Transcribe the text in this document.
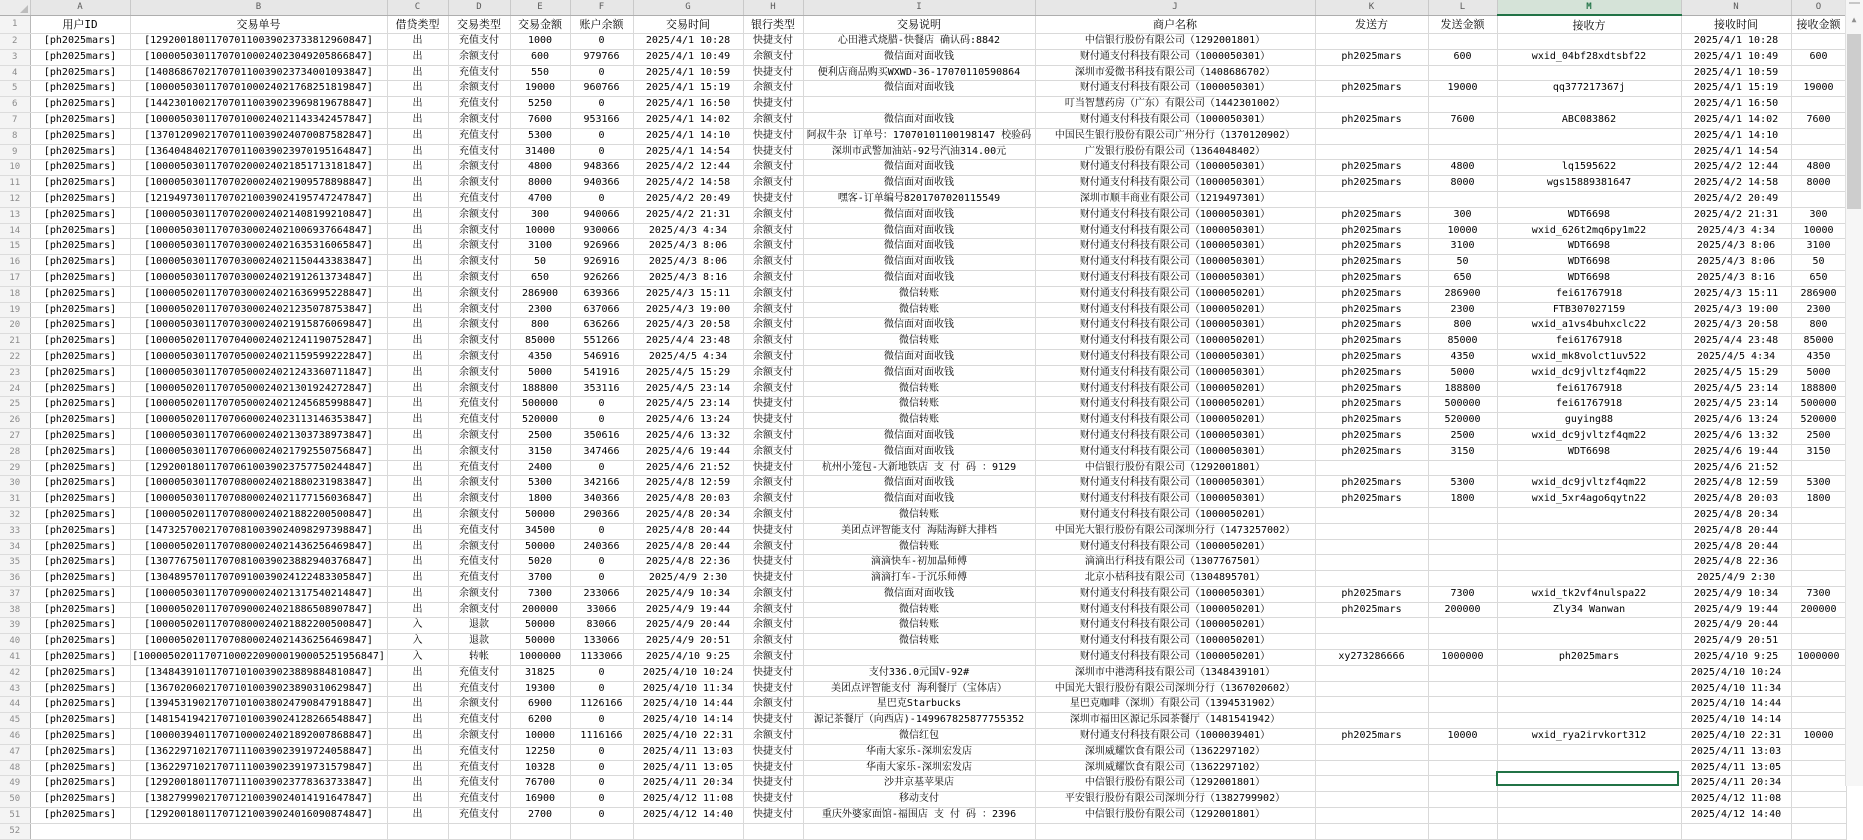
	A	B	C	D	E	F	G	H	I	J	K	L	M	N	O
1	用户ID	交易单号	借贷类型	交易类型	交易金额	账户余额	交易时间	银行类型	交易说明	商户名称	发送方	发送金额	接收方	接收时间	接收金额
2	[ph2025mars]	[129200180117070110039023733812960847]	出	充值支付	1000	0	2025/4/1 10:28	快捷支付	心田港式烧腊-快餐店 确认码:8842	中信银行股份有限公司（1292001801）				2025/4/1 10:28	
3	[ph2025mars]	[100005030117070100024023049205866847]	出	余额支付	600	979766	2025/4/1 10:49	余额支付	微信面对面收钱	财付通支付科技有限公司（1000050301）	ph2025mars	600	wxid_04bf28xdtsbf22	2025/4/1 10:49	600
4	[ph2025mars]	[140868670217070110039023734001093847]	出	充值支付	550	0	2025/4/1 10:59	快捷支付	便利店商品购买WXWD-36-17070110590864	深圳市爱微书科技有限公司（1408686702）				2025/4/1 10:59	
5	[ph2025mars]	[100005030117070100024021768251819847]	出	余额支付	19000	960766	2025/4/1 15:19	余额支付	微信面对面收钱	财付通支付科技有限公司（1000050301）	ph2025mars	19000	qq377217367j	2025/4/1 15:19	19000
6	[ph2025mars]	[144230100217070110039023969819678847]	出	充值支付	5250	0	2025/4/1 16:50	快捷支付		叮当智慧药房（广东）有限公司（1442301002）				2025/4/1 16:50	
7	[ph2025mars]	[100005030117070100024021143342457847]	出	余额支付	7600	953166	2025/4/1 14:02	余额支付	微信面对面收钱	财付通支付科技有限公司（1000050301）	ph2025mars	7600	ABC083862	2025/4/1 14:02	7600
8	[ph2025mars]	[137012090217070110039024070087582847]	出	充值支付	5300	0	2025/4/1 14:10	快捷支付	阿叔牛杂 订单号：17070101100198147 校验码	中国民生银行股份有限公司广州分行（1370120902）				2025/4/1 14:10	
9	[ph2025mars]	[136404840217070110039023970195164847]	出	充值支付	31400	0	2025/4/1 14:54	快捷支付	深圳市武警加油站-92号汽油314.00元	广发银行股份有限公司（1364048402）				2025/4/1 14:54	
10	[ph2025mars]	[100005030117070200024021851713181847]	出	余额支付	4800	948366	2025/4/2 12:44	余额支付	微信面对面收钱	财付通支付科技有限公司（1000050301）	ph2025mars	4800	lq1595622	2025/4/2 12:44	4800
11	[ph2025mars]	[100005030117070200024021909578898847]	出	余额支付	8000	940366	2025/4/2 14:58	余额支付	微信面对面收钱	财付通支付科技有限公司（1000050301）	ph2025mars	8000	wgs15889381647	2025/4/2 14:58	8000
12	[ph2025mars]	[121949730117070210039024195747247847]	出	充值支付	4700	0	2025/4/2 20:49	快捷支付	嘿客-订单编号8201707020115549	深圳市顺丰商业有限公司（1219497301）				2025/4/2 20:49	
13	[ph2025mars]	[100005030117070200024021408199210847]	出	余额支付	300	940066	2025/4/2 21:31	余额支付	微信面对面收钱	财付通支付科技有限公司（1000050301）	ph2025mars	300	WDT6698	2025/4/2 21:31	300
14	[ph2025mars]	[100005030117070300024021006937664847]	出	余额支付	10000	930066	2025/4/3 4:34	余额支付	微信面对面收钱	财付通支付科技有限公司（1000050301）	ph2025mars	10000	wxid_626t2mq6py1m22	2025/4/3 4:34	10000
15	[ph2025mars]	[100005030117070300024021635316065847]	出	余额支付	3100	926966	2025/4/3 8:06	余额支付	微信面对面收钱	财付通支付科技有限公司（1000050301）	ph2025mars	3100	WDT6698	2025/4/3 8:06	3100
16	[ph2025mars]	[100005030117070300024021150443383847]	出	余额支付	50	926916	2025/4/3 8:06	余额支付	微信面对面收钱	财付通支付科技有限公司（1000050301）	ph2025mars	50	WDT6698	2025/4/3 8:06	50
17	[ph2025mars]	[100005030117070300024021912613734847]	出	余额支付	650	926266	2025/4/3 8:16	余额支付	微信面对面收钱	财付通支付科技有限公司（1000050301）	ph2025mars	650	WDT6698	2025/4/3 8:16	650
18	[ph2025mars]	[100005020117070300024021636995228847]	出	余额支付	286900	639366	2025/4/3 15:11	余额支付	微信转账	财付通支付科技有限公司（1000050201）	ph2025mars	286900	fei61767918	2025/4/3 15:11	286900
19	[ph2025mars]	[100005020117070300024021235078753847]	出	余额支付	2300	637066	2025/4/3 19:00	余额支付	微信转账	财付通支付科技有限公司（1000050201）	ph2025mars	2300	FTB307027159	2025/4/3 19:00	2300
20	[ph2025mars]	[100005030117070300024021915876069847]	出	余额支付	800	636266	2025/4/3 20:58	余额支付	微信面对面收钱	财付通支付科技有限公司（1000050301）	ph2025mars	800	wxid_a1vs4buhxclc22	2025/4/3 20:58	800
21	[ph2025mars]	[100005020117070400024021241190752847]	出	余额支付	85000	551266	2025/4/4 23:48	余额支付	微信转账	财付通支付科技有限公司（1000050201）	ph2025mars	85000	fei61767918	2025/4/4 23:48	85000
22	[ph2025mars]	[100005030117070500024021159599222847]	出	余额支付	4350	546916	2025/4/5 4:34	余额支付	微信面对面收钱	财付通支付科技有限公司（1000050301）	ph2025mars	4350	wxid_mk8volct1uv522	2025/4/5 4:34	4350
23	[ph2025mars]	[100005030117070500024021243360711847]	出	余额支付	5000	541916	2025/4/5 15:29	余额支付	微信面对面收钱	财付通支付科技有限公司（1000050301）	ph2025mars	5000	wxid_dc9jvltzf4qm22	2025/4/5 15:29	5000
24	[ph2025mars]	[100005020117070500024021301924272847]	出	余额支付	188800	353116	2025/4/5 23:14	余额支付	微信转账	财付通支付科技有限公司（1000050201）	ph2025mars	188800	fei61767918	2025/4/5 23:14	188800
25	[ph2025mars]	[100005020117070500024021245685998847]	出	充值支付	500000	0	2025/4/5 23:14	快捷支付	微信转账	财付通支付科技有限公司（1000050201）	ph2025mars	500000	fei61767918	2025/4/5 23:14	500000
26	[ph2025mars]	[100005020117070600024023113146353847]	出	充值支付	520000	0	2025/4/6 13:24	快捷支付	微信转账	财付通支付科技有限公司（1000050201）	ph2025mars	520000	guying88	2025/4/6 13:24	520000
27	[ph2025mars]	[100005030117070600024021303738973847]	出	余额支付	2500	350616	2025/4/6 13:32	余额支付	微信面对面收钱	财付通支付科技有限公司（1000050301）	ph2025mars	2500	wxid_dc9jvltzf4qm22	2025/4/6 13:32	2500
28	[ph2025mars]	[100005030117070600024021792550756847]	出	余额支付	3150	347466	2025/4/6 19:44	余额支付	微信面对面收钱	财付通支付科技有限公司（1000050301）	ph2025mars	3150	WDT6698	2025/4/6 19:44	3150
29	[ph2025mars]	[129200180117070610039023757750244847]	出	充值支付	2400	0	2025/4/6 21:52	快捷支付	杭州小笼包-大新地铁店 支 付 码 ：9129	中信银行股份有限公司（1292001801）				2025/4/6 21:52	
30	[ph2025mars]	[100005030117070800024021880231983847]	出	余额支付	5300	342166	2025/4/8 12:59	余额支付	微信面对面收钱	财付通支付科技有限公司（1000050301）	ph2025mars	5300	wxid_dc9jvltzf4qm22	2025/4/8 12:59	5300
31	[ph2025mars]	[100005030117070800024021177156036847]	出	余额支付	1800	340366	2025/4/8 20:03	余额支付	微信面对面收钱	财付通支付科技有限公司（1000050301）	ph2025mars	1800	wxid_5xr4ago6qytn22	2025/4/8 20:03	1800
32	[ph2025mars]	[100005020117070800024021882200500847]	出	余额支付	50000	290366	2025/4/8 20:34	余额支付	微信转账	财付通支付科技有限公司（1000050201）				2025/4/8 20:34	
33	[ph2025mars]	[147325700217070810039024098297398847]	出	充值支付	34500	0	2025/4/8 20:44	快捷支付	美团点评智能支付 海陆海鲜大排档	中国光大银行股份有限公司深圳分行（1473257002）				2025/4/8 20:44	
34	[ph2025mars]	[100005020117070800024021436256469847]	出	余额支付	50000	240366	2025/4/8 20:44	余额支付	微信转账	财付通支付科技有限公司（1000050201）				2025/4/8 20:44	
35	[ph2025mars]	[130776750117070810039023882940376847]	出	充值支付	5020	0	2025/4/8 22:36	快捷支付	滴滴快车-初加晶师傅	滴滴出行科技有限公司（1307767501）				2025/4/8 22:36	
36	[ph2025mars]	[130489570117070910039024122483305847]	出	充值支付	3700	0	2025/4/9 2:30	快捷支付	滴滴打车-于沉乐师傅	北京小桔科技有限公司（1304895701）				2025/4/9 2:30	
37	[ph2025mars]	[100005030117070900024021317540214847]	出	余额支付	7300	233066	2025/4/9 10:34	余额支付	微信面对面收钱	财付通支付科技有限公司（1000050301）	ph2025mars	7300	wxid_tk2vf4nulspa22	2025/4/9 10:34	7300
38	[ph2025mars]	[100005020117070900024021886508907847]	出	余额支付	200000	33066	2025/4/9 19:44	余额支付	微信转账	财付通支付科技有限公司（1000050201）	ph2025mars	200000	Zly34 Wanwan	2025/4/9 19:44	200000
39	[ph2025mars]	[100005020117070800024021882200500847]	入	退款	50000	83066	2025/4/9 20:44	余额支付	微信转账	财付通支付科技有限公司（1000050201）				2025/4/9 20:44	
40	[ph2025mars]	[100005020117070800024021436256469847]	入	退款	50000	133066	2025/4/9 20:51	余额支付	微信转账	财付通支付科技有限公司（1000050201）				2025/4/9 20:51	
41	[ph2025mars]	[1000050201170710002209000190005251956847]	入	转帐	1000000	1133066	2025/4/10 9:25	余额支付		财付通支付科技有限公司（1000050201）	xy273286666	1000000	ph2025mars	2025/4/10 9:25	1000000
42	[ph2025mars]	[134843910117071010039023889884810847]	出	充值支付	31825	0	2025/4/10 10:24	快捷支付	支付336.0元国V-92#	深圳市中港湾科技有限公司（1348439101）				2025/4/10 10:24	
43	[ph2025mars]	[136702060217071010039023890310629847]	出	充值支付	19300	0	2025/4/10 11:34	快捷支付	美团点评智能支付 海利餐厅（宝体店）	中国光大银行股份有限公司深圳分行（1367020602）				2025/4/10 11:34	
44	[ph2025mars]	[139453190217071010038024790847918847]	出	余额支付	6900	1126166	2025/4/10 14:44	余额支付	星巴克Starbucks	星巴克咖啡（深圳）有限公司（1394531902）				2025/4/10 14:44	
45	[ph2025mars]	[148154194217071010039024128266548847]	出	充值支付	6200	0	2025/4/10 14:14	快捷支付	源记茶餐厅（向西店)-149967825877755352	深圳市福田区源记乐园茶餐厅（1481541942）				2025/4/10 14:14	
46	[ph2025mars]	[100003940117071000024021892007868847]	出	余额支付	10000	1116166	2025/4/10 22:31	余额支付	微信红包	财付通支付科技有限公司（1000039401）	ph2025mars	10000	wxid_rya2irvkort312	2025/4/10 22:31	10000
47	[ph2025mars]	[136229710217071110039023919724058847]	出	充值支付	12250	0	2025/4/11 13:03	快捷支付	华南大家乐-深圳宏发店	深圳威耀饮食有限公司（1362297102）				2025/4/11 13:03	
48	[ph2025mars]	[136229710217071110039023919731579847]	出	充值支付	10328	0	2025/4/11 13:05	快捷支付	华南大家乐-深圳宏发店	深圳威耀饮食有限公司（1362297102）				2025/4/11 13:05	
49	[ph2025mars]	[129200180117071110039023778363733847]	出	充值支付	76700	0	2025/4/11 20:34	快捷支付	沙井京基苹果店	中信银行股份有限公司（1292001801）				2025/4/11 20:34	
50	[ph2025mars]	[138279990217071210039024014191647847]	出	充值支付	16900	0	2025/4/12 11:08	快捷支付	移动支付	平安银行股份有限公司深圳分行（1382799902）				2025/4/12 11:08	
51	[ph2025mars]	[129200180117071210039024016090874847]	出	充值支付	2700	0	2025/4/12 14:40	快捷支付	重庆外婆家面馆-福围店 支 付 码 ：2396	中信银行股份有限公司（1292001801）				2025/4/12 14:40	
52															
▲
